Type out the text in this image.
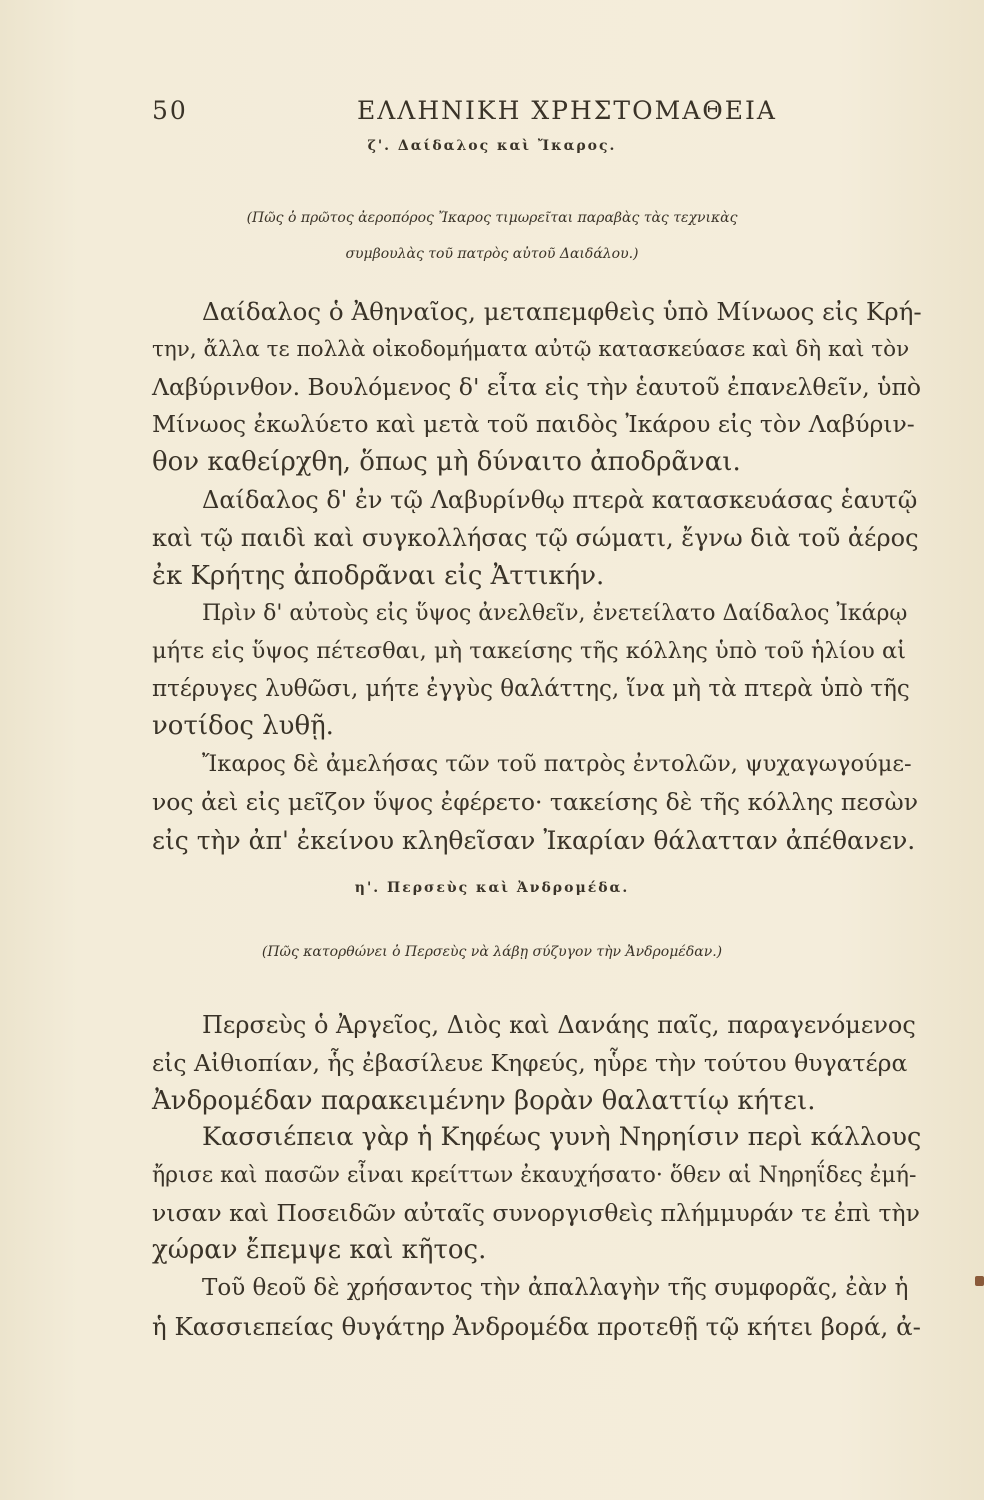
50	ΕΛΛΗΝΙΚΗ ΧΡΗΣΤΟΜΑΘΕΙΑ
ζ'. Δαίδαλος καὶ Ἴκαρος.
(Πῶς ὁ πρῶτος ἀεροπόρος Ἴκαρος τιμωρεῖται παραβὰς τὰς τεχνικὰς
συμβουλὰς τοῦ πατρὸς αὐτοῦ Δαιδάλου.)
Δαίδαλος ὁ Ἀθηναῖος, μεταπεμφθεὶς ὑπὸ Μίνωος εἰς Κρή-
την, ἄλλα τε πολλὰ οἰκοδομήματα αὐτῷ κατασκεύασε καὶ δὴ καὶ τὸν
Λαβύρινθον. Βουλόμενος δ' εἶτα εἰς τὴν ἑαυτοῦ ἐπανελθεῖν, ὑπὸ
Μίνωος ἐκωλύετο καὶ μετὰ τοῦ παιδὸς Ἰκάρου εἰς τὸν Λαβύριν-
θον καθείρχθη, ὅπως μὴ δύναιτο ἀποδρᾶναι.
Δαίδαλος δ' ἐν τῷ Λαβυρίνθῳ πτερὰ κατασκευάσας ἑαυτῷ
καὶ τῷ παιδὶ καὶ συγκολλήσας τῷ σώματι, ἔγνω διὰ τοῦ ἀέρος
ἐκ Κρήτης ἀποδρᾶναι εἰς Ἀττικήν.
Πρὶν δ' αὐτοὺς εἰς ὕψος ἀνελθεῖν, ἐνετείλατο Δαίδαλος Ἰκάρῳ
μήτε εἰς ὕψος πέτεσθαι, μὴ τακείσης τῆς κόλλης ὑπὸ τοῦ ἡλίου αἱ
πτέρυγες λυθῶσι, μήτε ἐγγὺς θαλάττης, ἵνα μὴ τὰ πτερὰ ὑπὸ τῆς
νοτίδος λυθῇ.
Ἴκαρος δὲ ἀμελήσας τῶν τοῦ πατρὸς ἐντολῶν, ψυχαγωγούμε-
νος ἀεὶ εἰς μεῖζον ὕψος ἐφέρετο· τακείσης δὲ τῆς κόλλης πεσὼν
εἰς τὴν ἀπ' ἐκείνου κληθεῖσαν Ἰκαρίαν θάλατταν ἀπέθανεν.
η'. Περσεὺς καὶ Ἀνδρομέδα.
(Πῶς κατορθώνει ὁ Περσεὺς νὰ λάβῃ σύζυγον τὴν Ἀνδρομέδαν.)
Περσεὺς ὁ Ἀργεῖος, Διὸς καὶ Δανάης παῖς, παραγενόμενος
εἰς Αἰθιοπίαν, ἧς ἐβασίλευε Κηφεύς, ηὗρε τὴν τούτου θυγατέρα
Ἀνδρομέδαν παρακειμένην βορὰν θαλαττίῳ κήτει.
Κασσιέπεια γὰρ ἡ Κηφέως γυνὴ Νηρηίσιν περὶ κάλλους
ἤρισε καὶ πασῶν εἶναι κρείττων ἐκαυχήσατο· ὅθεν αἱ Νηρηΐδες ἐμή-
νισαν καὶ Ποσειδῶν αὐταῖς συνοργισθεὶς πλήμμυράν τε ἐπὶ τὴν
χώραν ἔπεμψε καὶ κῆτος.
Τοῦ θεοῦ δὲ χρήσαντος τὴν ἀπαλλαγὴν τῆς συμφορᾶς, ἐὰν ἡ
ἡ Κασσιεπείας θυγάτηρ Ἀνδρομέδα προτεθῇ τῷ κήτει βορά, ἀ-
